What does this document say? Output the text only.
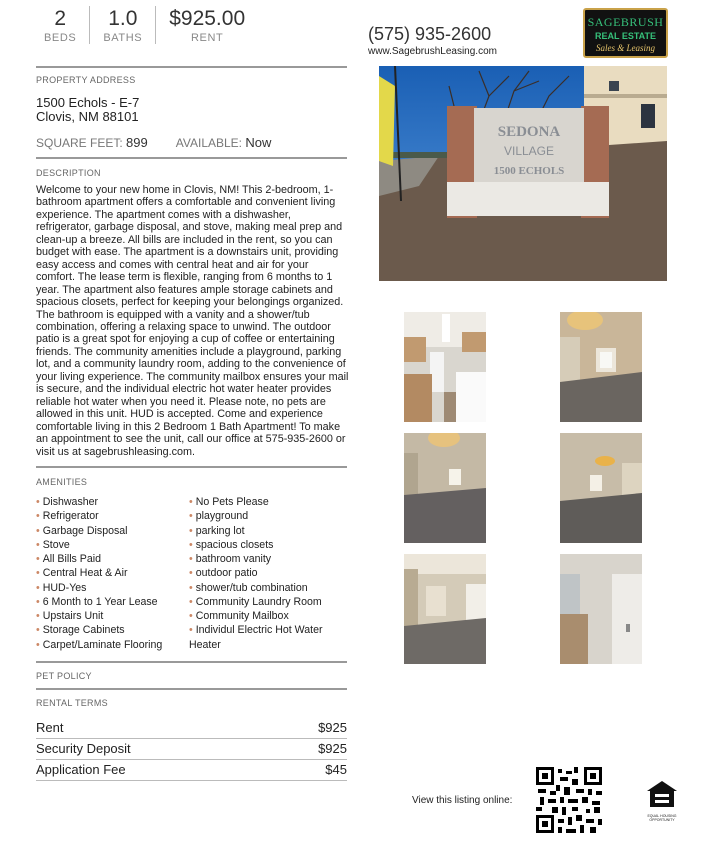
2
BEDS
1.0
BATHS
$925.00
RENT	(575) 935-2600
www.SagebrushLeasing.com
SAGEBRUSH
REAL ESTATE
Sales & Leasing
PROPERTY ADDRESS
1500 Echols - E-7
Clovis, NM 88101
SQUARE FEET: 899 AVAILABLE: Now
DESCRIPTION
Welcome to your new home in Clovis, NM! This 2-bedroom, 1-bathroom apartment offers a comfortable and convenient living experience. The apartment comes with a dishwasher, refrigerator, garbage disposal, and stove, making meal prep and clean-up a breeze. All bills are included in the rent, so you can budget with ease. The apartment is a downstairs unit, providing easy access and comes with central heat and air for your comfort. The lease term is flexible, ranging from 6 months to 1 year. The apartment also features ample storage cabinets and spacious closets, perfect for keeping your belongings organized. The bathroom is equipped with a vanity and a shower/tub combination, offering a relaxing space to unwind. The outdoor patio is a great spot for enjoying a cup of coffee or entertaining friends. The community amenities include a playground, parking lot, and a community laundry room, adding to the convenience of your living experience. The community mailbox ensures your mail is secure, and the individual electric hot water heater provides reliable hot water when you need it. Please note, no pets are allowed in this unit. HUD is accepted. Come and experience comfortable living in this 2 Bedroom 1 Bath Apartment! To make an appointment to see the unit, call our office at 575-935-2600 or visit us at sagebrushleasing.com.
AMENITIES
• Dishwasher
• Refrigerator
• Garbage Disposal
• Stove
• All Bills Paid
• Central Heat & Air
• HUD-Yes
• 6 Month to 1 Year Lease
• Upstairs Unit
• Storage Cabinets
• Carpet/Laminate Flooring
• No Pets Please
• playground
• parking lot
• spacious closets
• bathroom vanity
• outdoor patio
• shower/tub combination
• Community Laundry Room
• Community Mailbox
• Individul Electric Hot Water Heater
PET POLICY
RENTAL TERMS
Rent	$925
Security Deposit	$925
Application Fee	$45
SEDONA
VILLAGE
1500 ECHOLS
View this listing online:
EQUAL HOUSING OPPORTUNITY
